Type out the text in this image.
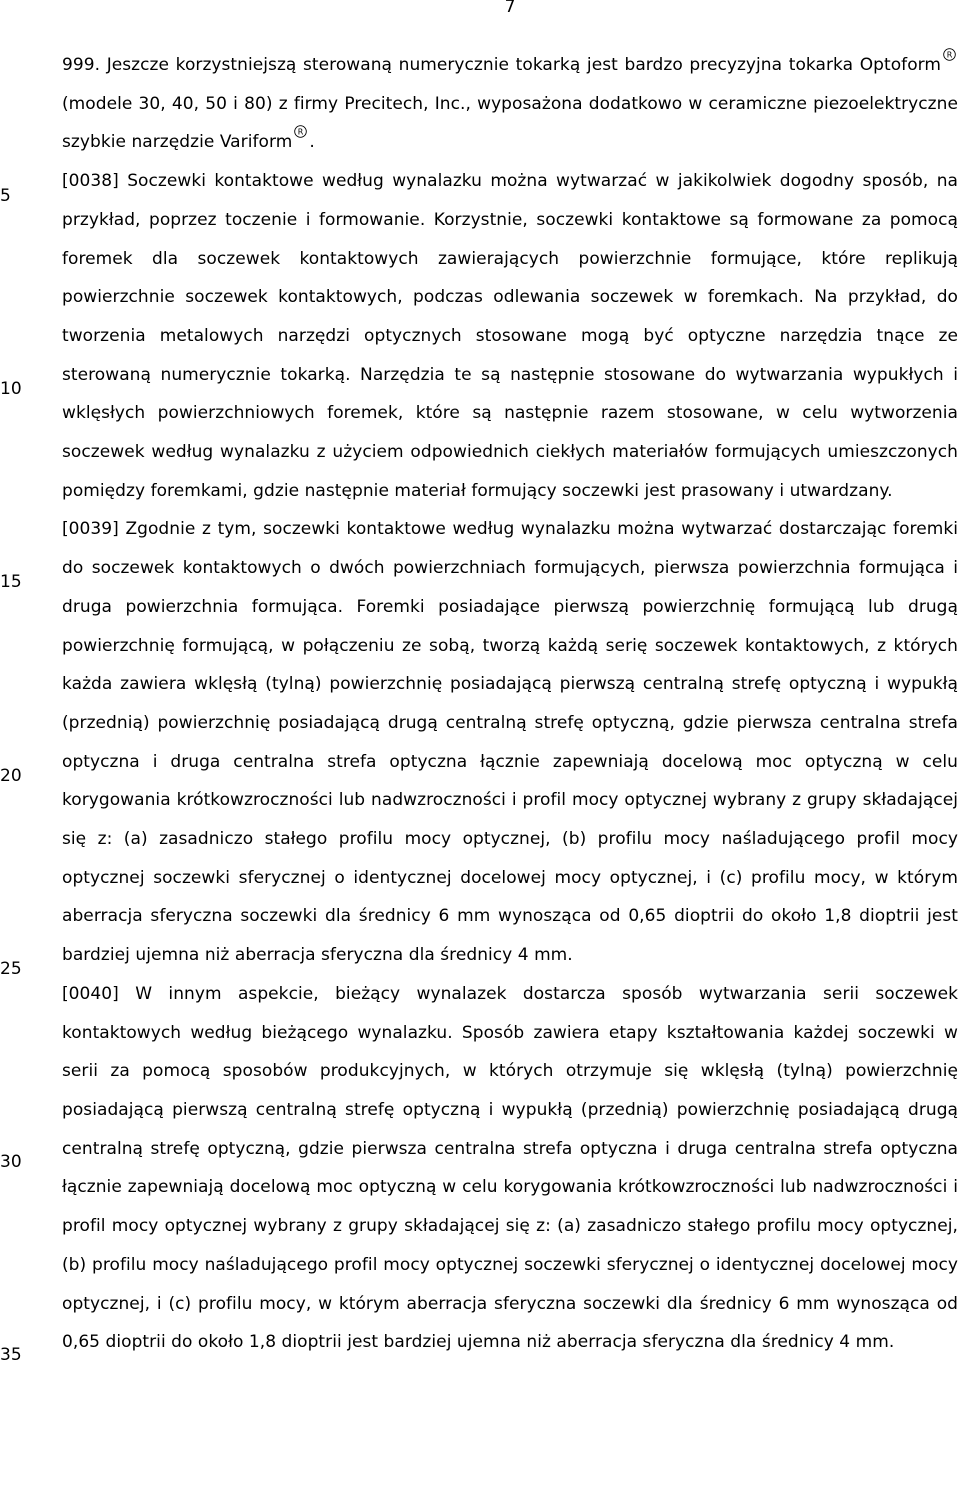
7
5
10
15
20
25
30
35

999. Jeszcze korzystniejszą sterowaną numerycznie tokarką jest bardzo precyzyjna tokarka Optoform
R
(modele 30, 40, 50 i 80) z firmy Precitech, Inc., wyposażona dodatkowo w ceramiczne piezoelektryczne szybkie narzędzie Variform
R
.

[0038] Soczewki kontaktowe według wynalazku można wytwarzać w jakikolwiek dogodny sposób, na przykład, poprzez toczenie i formowanie. Korzystnie, soczewki kontaktowe są formowane za pomocą foremek dla soczewek kontaktowych zawierających powierzchnie formujące, które replikują powierzchnie soczewek kontaktowych, podczas odlewania soczewek w foremkach. Na przykład, do tworzenia metalowych narzędzi optycznych stosowane mogą być optyczne narzędzia tnące ze sterowaną numerycznie tokarką. Narzędzia te są następnie stosowane do wytwarzania wypukłych i wklęsłych powierzchniowych foremek, które są następnie razem stosowane, w celu wytworzenia soczewek według wynalazku z użyciem odpowiednich ciekłych materiałów formujących umieszczonych pomiędzy foremkami, gdzie następnie materiał formujący soczewki jest prasowany i utwardzany.

[0039] Zgodnie z tym, soczewki kontaktowe według wynalazku można wytwarzać dostarczając foremki do soczewek kontaktowych o dwóch powierzchniach formujących, pierwsza powierzchnia formująca i druga powierzchnia formująca. Foremki posiadające pierwszą powierzchnię formującą lub drugą powierzchnię formującą, w połączeniu ze sobą, tworzą każdą serię soczewek kontaktowych, z których każda zawiera wklęsłą (tylną) powierzchnię posiadającą pierwszą centralną strefę optyczną i wypukłą (przednią) powierzchnię posiadającą drugą centralną strefę optyczną, gdzie pierwsza centralna strefa optyczna i druga centralna strefa optyczna łącznie zapewniają docelową moc optyczną w celu korygowania krótkowzroczności lub nadwzroczności i profil mocy optycznej wybrany z grupy składającej się z: (a) zasadniczo stałego profilu mocy optycznej, (b) profilu mocy naśladującego profil mocy optycznej soczewki sferycznej o identycznej docelowej mocy optycznej, i (c) profilu mocy, w którym aberracja sferyczna soczewki dla średnicy 6 mm wynosząca od 0,65 dioptrii do około 1,8 dioptrii jest bardziej ujemna niż aberracja sferyczna dla średnicy 4 mm.

[0040] W innym aspekcie, bieżący wynalazek dostarcza sposób wytwarzania serii soczewek kontaktowych według bieżącego wynalazku. Sposób zawiera etapy kształtowania każdej soczewki w serii za pomocą sposobów produkcyjnych, w których otrzymuje się wklęsłą (tylną) powierzchnię posiadającą pierwszą centralną strefę optyczną i wypukłą (przednią) powierzchnię posiadającą drugą centralną strefę optyczną, gdzie pierwsza centralna strefa optyczna i druga centralna strefa optyczna łącznie zapewniają docelową moc optyczną w celu korygowania krótkowzroczności lub nadwzroczności i profil mocy optycznej wybrany z grupy składającej się z: (a) zasadniczo stałego profilu mocy optycznej, (b) profilu mocy naśladującego profil mocy optycznej soczewki sferycznej o identycznej docelowej mocy optycznej, i (c) profilu mocy, w którym aberracja sferyczna soczewki dla średnicy 6 mm wynosząca od 0,65 dioptrii do około 1,8 dioptrii jest bardziej ujemna niż aberracja sferyczna dla średnicy 4 mm.
